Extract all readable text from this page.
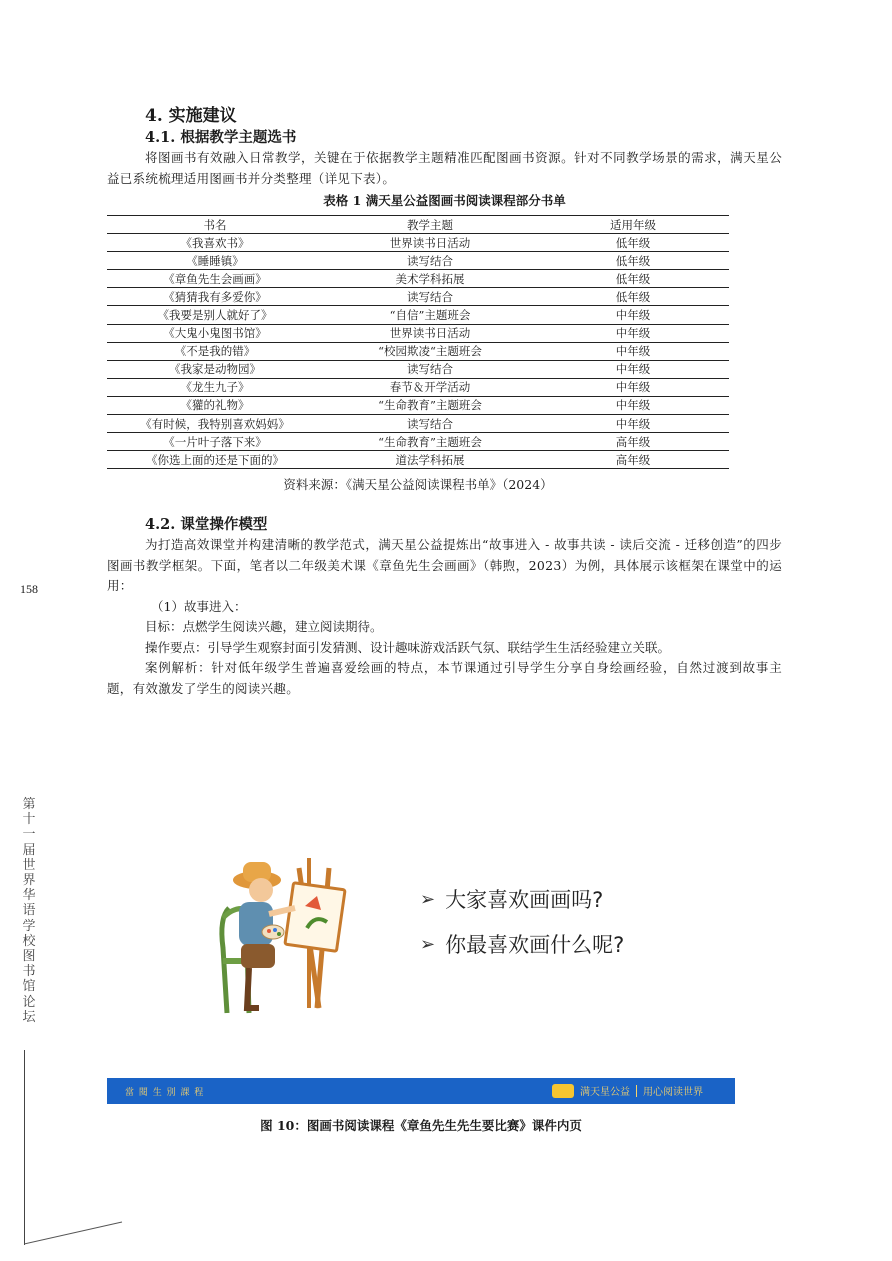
4. 实施建议
4.1. 根据教学主题选书

将图画书有效融入日常教学，关键在于依据教学主题精准匹配图画书资源。针对不同教学场景的需求，满天星公益已系统梳理适用图画书并分类整理（详见下表）。

表格 1 满天星公益图画书阅读课程部分书单
书名	教学主题	适用年级
《我喜欢书》	世界读书日活动	低年级
《睡睡镇》	读写结合	低年级
《章鱼先生会画画》	美术学科拓展	低年级
《猜猜我有多爱你》	读写结合	低年级
《我要是别人就好了》	“自信”主题班会	中年级
《大鬼小鬼图书馆》	世界读书日活动	中年级
《不是我的错》	“校园欺凌“主题班会	中年级
《我家是动物园》	读写结合	中年级
《龙生九子》	春节＆开学活动	中年级
《獾的礼物》	“生命教育”主题班会	中年级
《有时候，我特别喜欢妈妈》	读写结合	中年级
《一片叶子落下来》	“生命教育”主题班会	高年级
《你选上面的还是下面的》	道法学科拓展	高年级
资料来源：《满天星公益阅读课程书单》（2024）
4.2. 课堂操作模型

为打造高效课堂并构建清晰的教学范式，满天星公益提炼出“故事进入 - 故事共读 - 读后交流 - 迁移创造”的四步图画书教学框架。下面，笔者以二年级美术课《章鱼先生会画画》（韩煦，2023）为例，具体展示该框架在课堂中的运用：

（1）故事进入：

目标：点燃学生阅读兴趣，建立阅读期待。

操作要点：引导学生观察封面引发猜测、设计趣味游戏活跃气氛、联结学生生活经验建立关联。

案例解析：针对低年级学生普遍喜爱绘画的特点，本节课通过引导学生分享自身绘画经验，自然过渡到故事主题，有效激发了学生的阅读兴趣。

158
第十一届世界华语学校图书馆论坛
➢ 大家喜欢画画吗?
➢ 你最喜欢画什么呢?
當 閱 生 別 課 程	满天星公益 用心阅读世界
图 10：图画书阅读课程《章鱼先生先生要比赛》课件内页
